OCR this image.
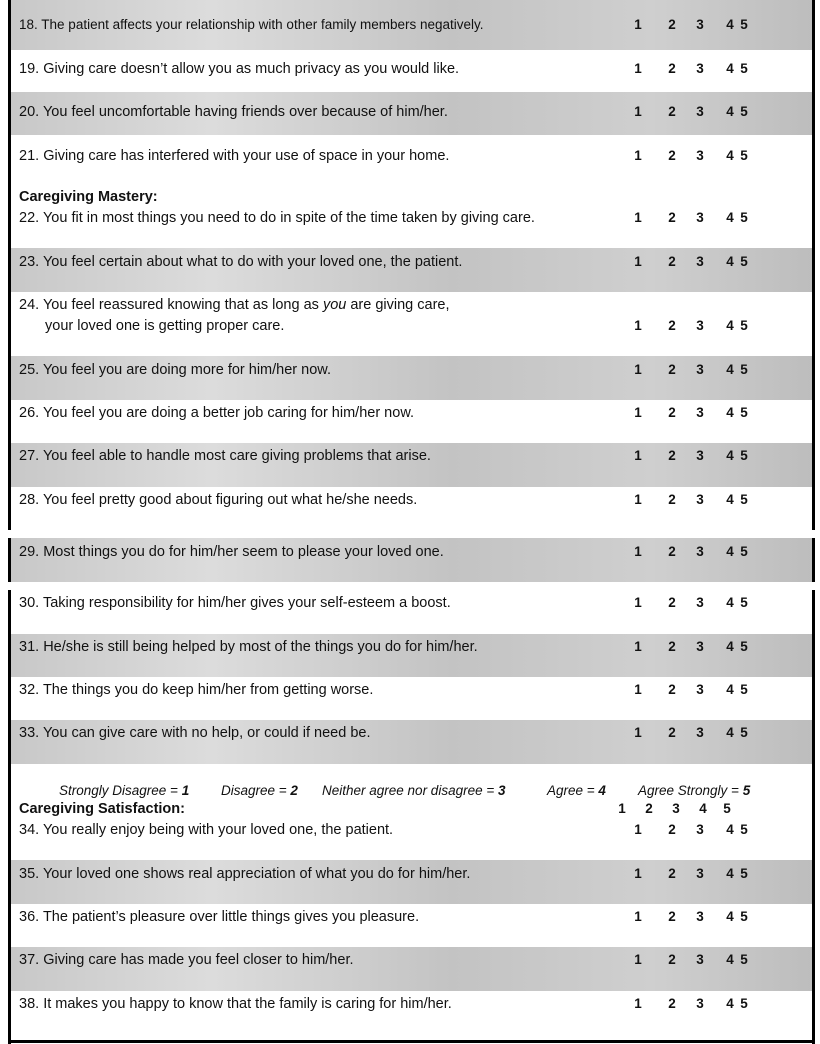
18. The patient affects your relationship with other family members negatively.	1 2 3 4 5
19. Giving care doesn’t allow you as much privacy as you would like.	1 2 3 4 5
20. You feel uncomfortable having friends over because of him/her.	1 2 3 4 5
21. Giving care has interfered with your use of space in your home.	1 2 3 4 5
Caregiving Mastery:
22. You fit in most things you need to do in spite of the time taken by giving care.	1 2 3 4 5
23. You feel certain about what to do with your loved one, the patient.	1 2 3 4 5
24. You feel reassured knowing that as long as you are giving care,
your loved one is getting proper care.	1 2 3 4 5
25. You feel you are doing more for him/her now.	1 2 3 4 5
26. You feel you are doing a better job caring for him/her now.	1 2 3 4 5
27. You feel able to handle most care giving problems that arise.	1 2 3 4 5
28. You feel pretty good about figuring out what he/she needs.	1 2 3 4 5
29. Most things you do for him/her seem to please your loved one.	1 2 3 4 5
30. Taking responsibility for him/her gives your self-esteem a boost.	1 2 3 4 5
31. He/she is still being helped by most of the things you do for him/her.	1 2 3 4 5
32. The things you do keep him/her from getting worse.	1 2 3 4 5
33. You can give care with no help, or could if need be.	1 2 3 4 5
Strongly Disagree = 1 Disagree = 2 Neither agree nor disagree = 3	Agree = 4 Agree Strongly = 5
Caregiving Satisfaction:	1 2 3 4 5
34. You really enjoy being with your loved one, the patient.	1 2 3 4 5
35. Your loved one shows real appreciation of what you do for him/her.	1 2 3 4 5
36. The patient’s pleasure over little things gives you pleasure.	1 2 3 4 5
37. Giving care has made you feel closer to him/her.	1 2 3 4 5
38. It makes you happy to know that the family is caring for him/her.	1 2 3 4 5
